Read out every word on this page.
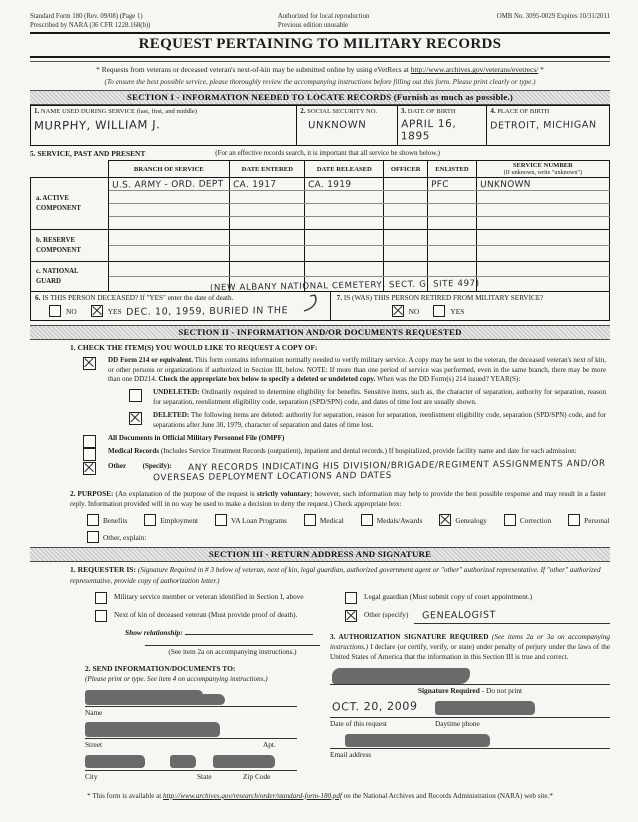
Standard Form 180 (Rev. 09/08) (Page 1)
Prescribed by NARA (36 CFR 1228.168(b))
Authorized for local reproduction
Previous edition unusable
OMB No. 3095-0029 Expires 10/31/2011
REQUEST PERTAINING TO MILITARY RECORDS
* Requests from veterans or deceased veteran's next-of-kin may be submitted online by using eVetRecs at http://www.archives.gov/veterans/evetrecs/ *
(To ensure the best possible service, please thoroughly review the accompanying instructions before filling out this form. Please print clearly or type.)
SECTION I - INFORMATION NEEDED TO LOCATE RECORDS (Furnish as much as possible.)
1. NAME USED DURING SERVICE (last, first, and middle)
MURPHY, WILLIAM J.	
2. SOCIAL SECURITY NO.
UNKNOWN	
3. DATE OF BIRTH
APRIL 16, 1895	
4. PLACE OF BIRTH
DETROIT, MICHIGAN
5. SERVICE, PAST AND PRESENT	(For an effective records search, it is important that all service be shown below.)
	BRANCH OF SERVICE	DATE ENTERED	DATE RELEASED	OFFICER	ENLISTED	SERVICE NUMBER
(If unknown, write "unknown")

a. ACTIVE COMPONENT	U.S. ARMY - ORD. DEPT	CA. 1917	CA. 1919		PFC	UNKNOWN

b. RESERVE COMPONENT						

c. NATIONAL GUARD						
						(NEW ALBANY NATIONAL CEMETERY, SECT. G, SITE 497)
6. IS THIS PERSON DECEASED? If "YES" enter the date of death.
NO	YES DEC. 10, 1959, BURIED IN THE
7. IS (WAS) THIS PERSON RETIRED FROM MILITARY SERVICE?
NO	YES
SECTION II - INFORMATION AND/OR DOCUMENTS REQUESTED
1. CHECK THE ITEM(S) YOU WOULD LIKE TO REQUEST A COPY OF:
DD Form 214 or equivalent. This form contains information normally needed to verify military service. A copy may be sent to the veteran, the deceased veteran's next of kin, or other persons or organizations if authorized in Section III, below. NOTE: If more than one period of service was performed, even in the same branch, there may be more than one DD214. Check the appropriate box below to specify a deleted or undeleted copy. When was the DD Form(s) 214 issued? YEAR(S):
UNDELETED: Ordinarily required to determine eligibility for benefits. Sensitive items, such as, the character of separation, authority for separation, reason for separation, reenlistment eligibility code, separation (SPD/SPN) code, and dates of time lost are usually shown.
DELETED: The following items are deleted: authority for separation, reason for separation, reenlistment eligibility code, separation (SPD/SPN) code, and for separations after June 30, 1979, character of separation and dates of time lost.
All Documents in Official Military Personnel File (OMPF)
Medical Records (Includes Service Treatment Records (outpatient), inpatient and dental records.) If hospitalized, provide facility name and date for each admission:
Other (Specify): ANY RECORDS INDICATING HIS DIVISION/BRIGADE/REGIMENT ASSIGNMENTS AND/OR OVERSEAS DEPLOYMENT LOCATIONS AND DATES
2. PURPOSE: (An explanation of the purpose of the request is strictly voluntary; however, such information may help to provide the best possible response and may result in a faster reply. Information provided will in no way be used to make a decision to deny the request.) Check appropriate box:
Benefits	Employment	VA Loan Programs	Medical	Medals/Awards	Genealogy	Correction	Personal
Other, explain:
SECTION III - RETURN ADDRESS AND SIGNATURE
1. REQUESTER IS: (Signature Required in # 3 below of veteran, next of kin, legal guardian, authorized government agent or "other" authorized representative. If "other" authorized representative, provide copy of authorization letter.)
Military service member or veteran identified in Section I, above
Next of kin of deceased veteran (Must provide proof of death).
Show relationship:
(See item 2a on accompanying instructions.)
2. SEND INFORMATION/DOCUMENTS TO:
(Please print or type. See item 4 on accompanying instructions.)
Name
Street	Apt.
City	State	Zip Code
Legal guardian (Must submit copy of court appointment.)
Other (specify) GENEALOGIST
3. AUTHORIZATION SIGNATURE REQUIRED (See items 2a or 3a on accompanying instructions.) I declare (or certify, verify, or state) under penalty of perjury under the laws of the United States of America that the information in this Section III is true and correct.
Signature Required - Do not print
OCT. 20, 2009
Date of this request	Daytime phone
Email address
* This form is available at http://www.archives.gov/research/order/standard-form-180.pdf on the National Archives and Records Administration (NARA) web site.*
